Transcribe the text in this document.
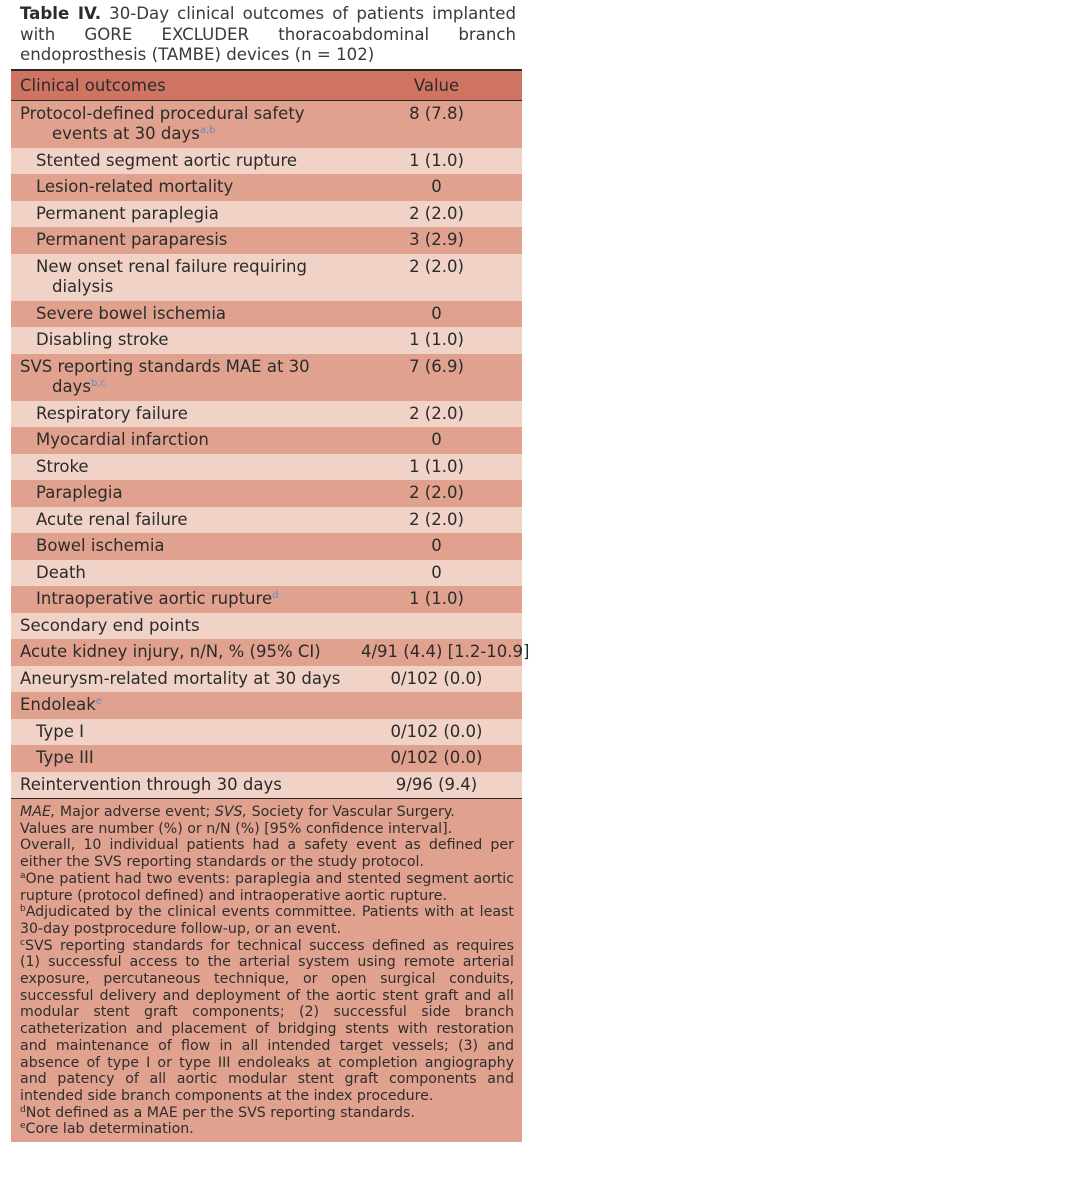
Table IV. 30-Day clinical outcomes of patients implanted with GORE EXCLUDER thoracoabdominal branch endoprosthesis (TAMBE) devices (n = 102)
Clinical outcomes	Value

Protocol-defined procedural safety events at 30 days$^{a,b}$	8 (7.8)

Stented segment aortic rupture	1 (1.0)

Lesion-related mortality	0

Permanent paraplegia	2 (2.0)

Permanent paraparesis	3 (2.9)

New onset renal failure requiring dialysis	2 (2.0)

Severe bowel ischemia	0

Disabling stroke	1 (1.0)

SVS reporting standards MAE at 30 days$^{b,c}$	7 (6.9)

Respiratory failure	2 (2.0)

Myocardial infarction	0

Stroke	1 (1.0)

Paraplegia	2 (2.0)

Acute renal failure	2 (2.0)

Bowel ischemia	0

Death	0

Intraoperative aortic rupture$^d$	1 (1.0)

Secondary end points	

Acute kidney injury, n/N, % (95% CI)	4/91 (4.4) [1.2-10.9]

Aneurysm-related mortality at 30 days	0/102 (0.0)

Endoleak$^e$

Type I	0/102 (0.0)

Type III	0/102 (0.0)

Reintervention through 30 days	9/96 (9.4)

MAE, Major adverse event; SVS, Society for Vascular Surgery.

Values are number (%) or n/N (%) [95% confidence interval].

Overall, 10 individual patients had a safety event as defined per either the SVS reporting standards or the study protocol.

$^a$One patient had two events: paraplegia and stented segment aortic rupture (protocol defined) and intraoperative aortic rupture.

$^b$Adjudicated by the clinical events committee. Patients with at least 30-day postprocedure follow-up, or an event.

$^c$SVS reporting standards for technical success defined as requires (1) successful access to the arterial system using remote arterial exposure, percutaneous technique, or open surgical conduits, successful delivery and deployment of the aortic stent graft and all modular stent graft components; (2) successful side branch catheterization and placement of bridging stents with restoration and maintenance of flow in all intended target vessels; (3) and absence of type I or type III endoleaks at completion angiography and patency of all aortic modular stent graft components and intended side branch components at the index procedure.

$^d$Not defined as a MAE per the SVS reporting standards.

$^e$Core lab determination.
